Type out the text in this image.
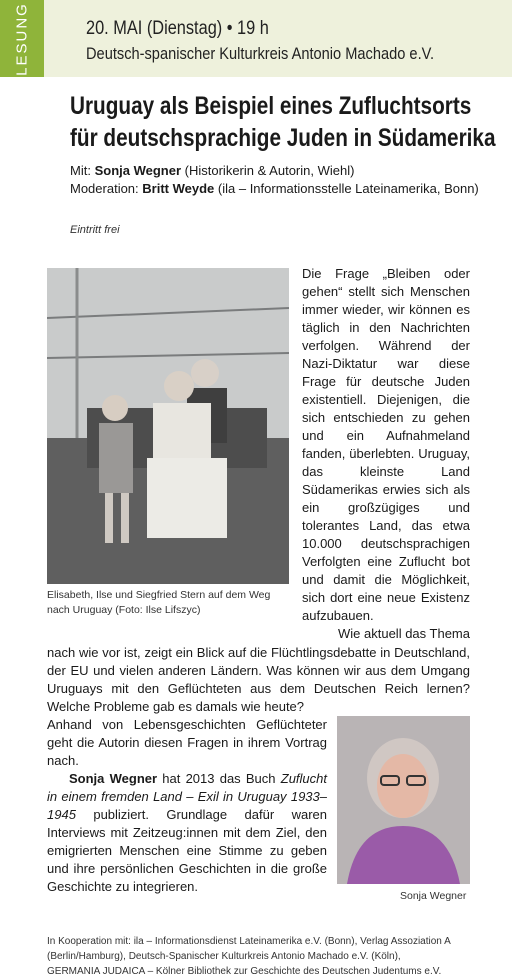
LESUNG	20. MAI (Dienstag) • 19 h
Deutsch-spanischer Kulturkreis Antonio Machado e.V.
Uruguay als Beispiel eines Zufluchtsorts
für deutschsprachige Juden in Südamerika
Mit: Sonja Wegner (Historikerin & Autorin, Wiehl)
Moderation: Britt Weyde (ila – Informationsstelle Lateinamerika, Bonn)
Eintritt frei
Elisabeth, Ilse und Siegfried Stern auf dem Weg nach Uruguay (Foto: Ilse Lifszyc)

Die Frage „Bleiben oder gehen“ stellt sich Menschen immer wieder, wir können es täglich in den Nachrichten verfolgen. Während der Nazi-Diktatur war diese Frage für deutsche Juden existentiell. Diejenigen, die sich entschieden zu gehen und ein Aufnahmeland fanden, überlebten. Uruguay, das kleinste Land Südamerikas erwies sich als ein großzügiges und tolerantes Land, das etwa 10.000 deutschsprachigen Verfolgten eine Zuflucht bot und damit die Möglichkeit, sich dort eine neue Existenz aufzubauen.

Wie aktuell das Thema

nach wie vor ist, zeigt ein Blick auf die Flüchtlingsdebatte in Deutschland, der EU und vielen anderen Ländern. Was können wir aus dem Umgang Uruguays mit den Geflüchteten aus dem Deutschen Reich lernen? Welche Probleme gab es damals wie heute?

Anhand von Lebensgeschichten Geflüchteter geht die Autorin diesen Fragen in ihrem Vortrag nach.

Sonja Wegner hat 2013 das Buch Zuflucht in einem fremden Land – Exil in Uruguay 1933–1945 publiziert. Grundlage dafür waren Interviews mit Zeitzeug:innen mit dem Ziel, den emigrierten Menschen eine Stimme zu geben und ihre persönlichen Geschichten in die große Geschichte zu integrieren.

Sonja Wegner
In Kooperation mit: ila – Informationsdienst Lateinamerika e.V. (Bonn), Verlag Assoziation A
(Berlin/Hamburg), Deutsch-Spanischer Kulturkreis Antonio Machado e.V. (Köln),
GERMANIA JUDAICA – Kölner Bibliothek zur Geschichte des Deutschen Judentums e.V.
